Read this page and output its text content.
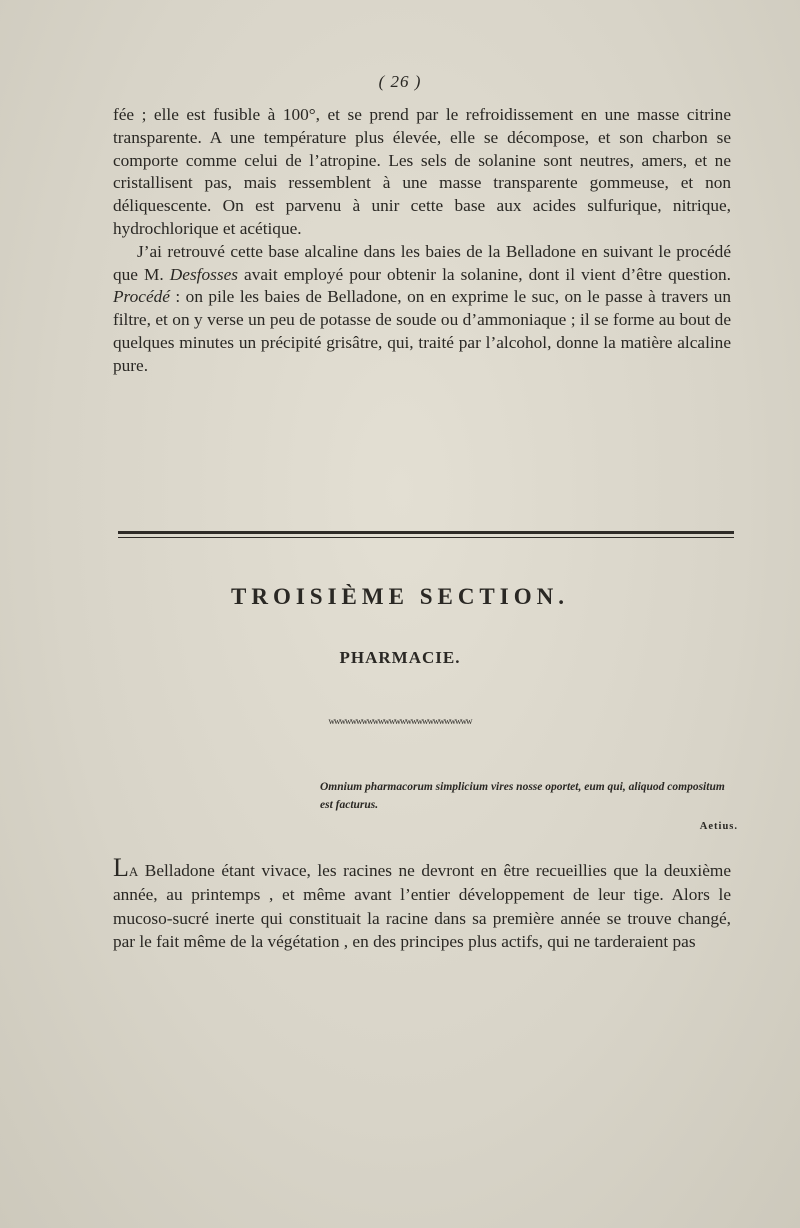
( 26 )

fée ; elle est fusible à 100°, et se prend par le refroidissement en une masse citrine transparente. A une température plus élevée, elle se décompose, et son charbon se comporte comme celui de l’atropine. Les sels de solanine sont neutres, amers, et ne cristallisent pas, mais ressemblent à une masse transparente gommeuse, et non déliquescente. On est parvenu à unir cette base aux acides sulfurique, nitrique, hydrochlorique et acétique.

J’ai retrouvé cette base alcaline dans les baies de la Belladone en suivant le procédé que M. Desfosses avait employé pour obtenir la solanine, dont il vient d’être question. Procédé : on pile les baies de Belladone, on en exprime le suc, on le passe à travers un filtre, et on y verse un peu de potasse de soude ou d’ammoniaque ; il se forme au bout de quelques minutes un précipité grisâtre, qui, traité par l’alcohol, donne la matière alcaline pure.

TROISIÈME SECTION.
PHARMACIE.
ᴡᴡᴡᴡᴡᴡᴡᴡᴡᴡᴡᴡᴡᴡᴡᴡᴡᴡᴡᴡᴡᴡᴡᴡᴡᴡ

Omnium pharmacorum simplicium vires nosse oportet, eum qui, aliquod compositum est facturus.

Aetius.

LA Belladone étant vivace, les racines ne devront en être recueillies que la deuxième année, au printemps , et même avant l’entier développement de leur tige. Alors le mucoso-sucré inerte qui constituait la racine dans sa première année se trouve changé, par le fait même de la végétation , en des principes plus actifs, qui ne tarderaient pas
